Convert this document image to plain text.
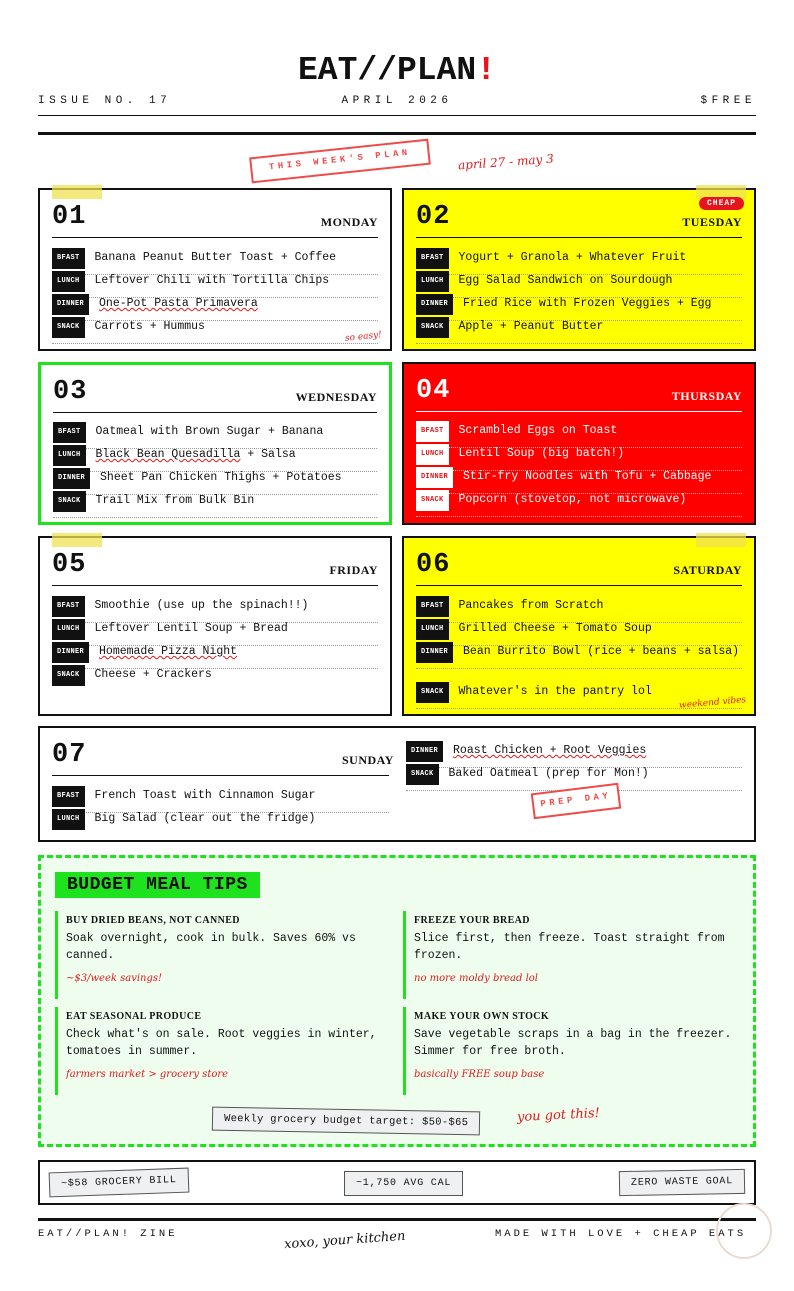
EAT//PLAN!
ISSUE NO. 17	APRIL 2026	$FREE
THIS WEEK'S PLAN	april 27 - may 3
01	MONDAY
BFAST Banana Peanut Butter Toast + Coffee
LUNCH Leftover Chili with Tortilla Chips
DINNER One-Pot Pasta Primavera
SNACK Carrots + Hummus
so easy!
CHEAP
02	TUESDAY
BFAST Yogurt + Granola + Whatever Fruit
LUNCH Egg Salad Sandwich on Sourdough
DINNER Fried Rice with Frozen Veggies + Egg
SNACK Apple + Peanut Butter
03	WEDNESDAY
BFAST Oatmeal with Brown Sugar + Banana
LUNCH Black Bean Quesadilla + Salsa
DINNER Sheet Pan Chicken Thighs + Potatoes
SNACK Trail Mix from Bulk Bin
04	THURSDAY
BFAST Scrambled Eggs on Toast
LUNCH Lentil Soup (big batch!)
DINNER Stir-fry Noodles with Tofu + Cabbage
SNACK Popcorn (stovetop, not microwave)
05	FRIDAY
BFAST Smoothie (use up the spinach!!)
LUNCH Leftover Lentil Soup + Bread
DINNER Homemade Pizza Night
SNACK Cheese + Crackers
06	SATURDAY
BFAST Pancakes from Scratch
LUNCH Grilled Cheese + Tomato Soup
DINNER Bean Burrito Bowl (rice + beans + salsa)
SNACK Whatever's in the pantry lol
weekend vibes
07	SUNDAY
BFAST French Toast with Cinnamon Sugar
LUNCH Big Salad (clear out the fridge)
DINNER Roast Chicken + Root Veggies
SNACK Baked Oatmeal (prep for Mon!)
PREP DAY
BUDGET MEAL TIPS
BUY DRIED BEANS, NOT CANNED
Soak overnight, cook in bulk. Saves 60% vs canned.
~$3/week savings!
FREEZE YOUR BREAD
Slice first, then freeze. Toast straight from frozen.
no more moldy bread lol
EAT SEASONAL PRODUCE
Check what's on sale. Root veggies in winter, tomatoes in summer.
farmers market > grocery store
MAKE YOUR OWN STOCK
Save vegetable scraps in a bag in the freezer. Simmer for free broth.
basically FREE soup base
Weekly grocery budget target: $50-$65	you got this!
~$58 GROCERY BILL	~1,750 AVG CAL	ZERO WASTE GOAL
EAT//PLAN! ZINE	xoxo, your kitchen	MADE WITH LOVE + CHEAP EATS
